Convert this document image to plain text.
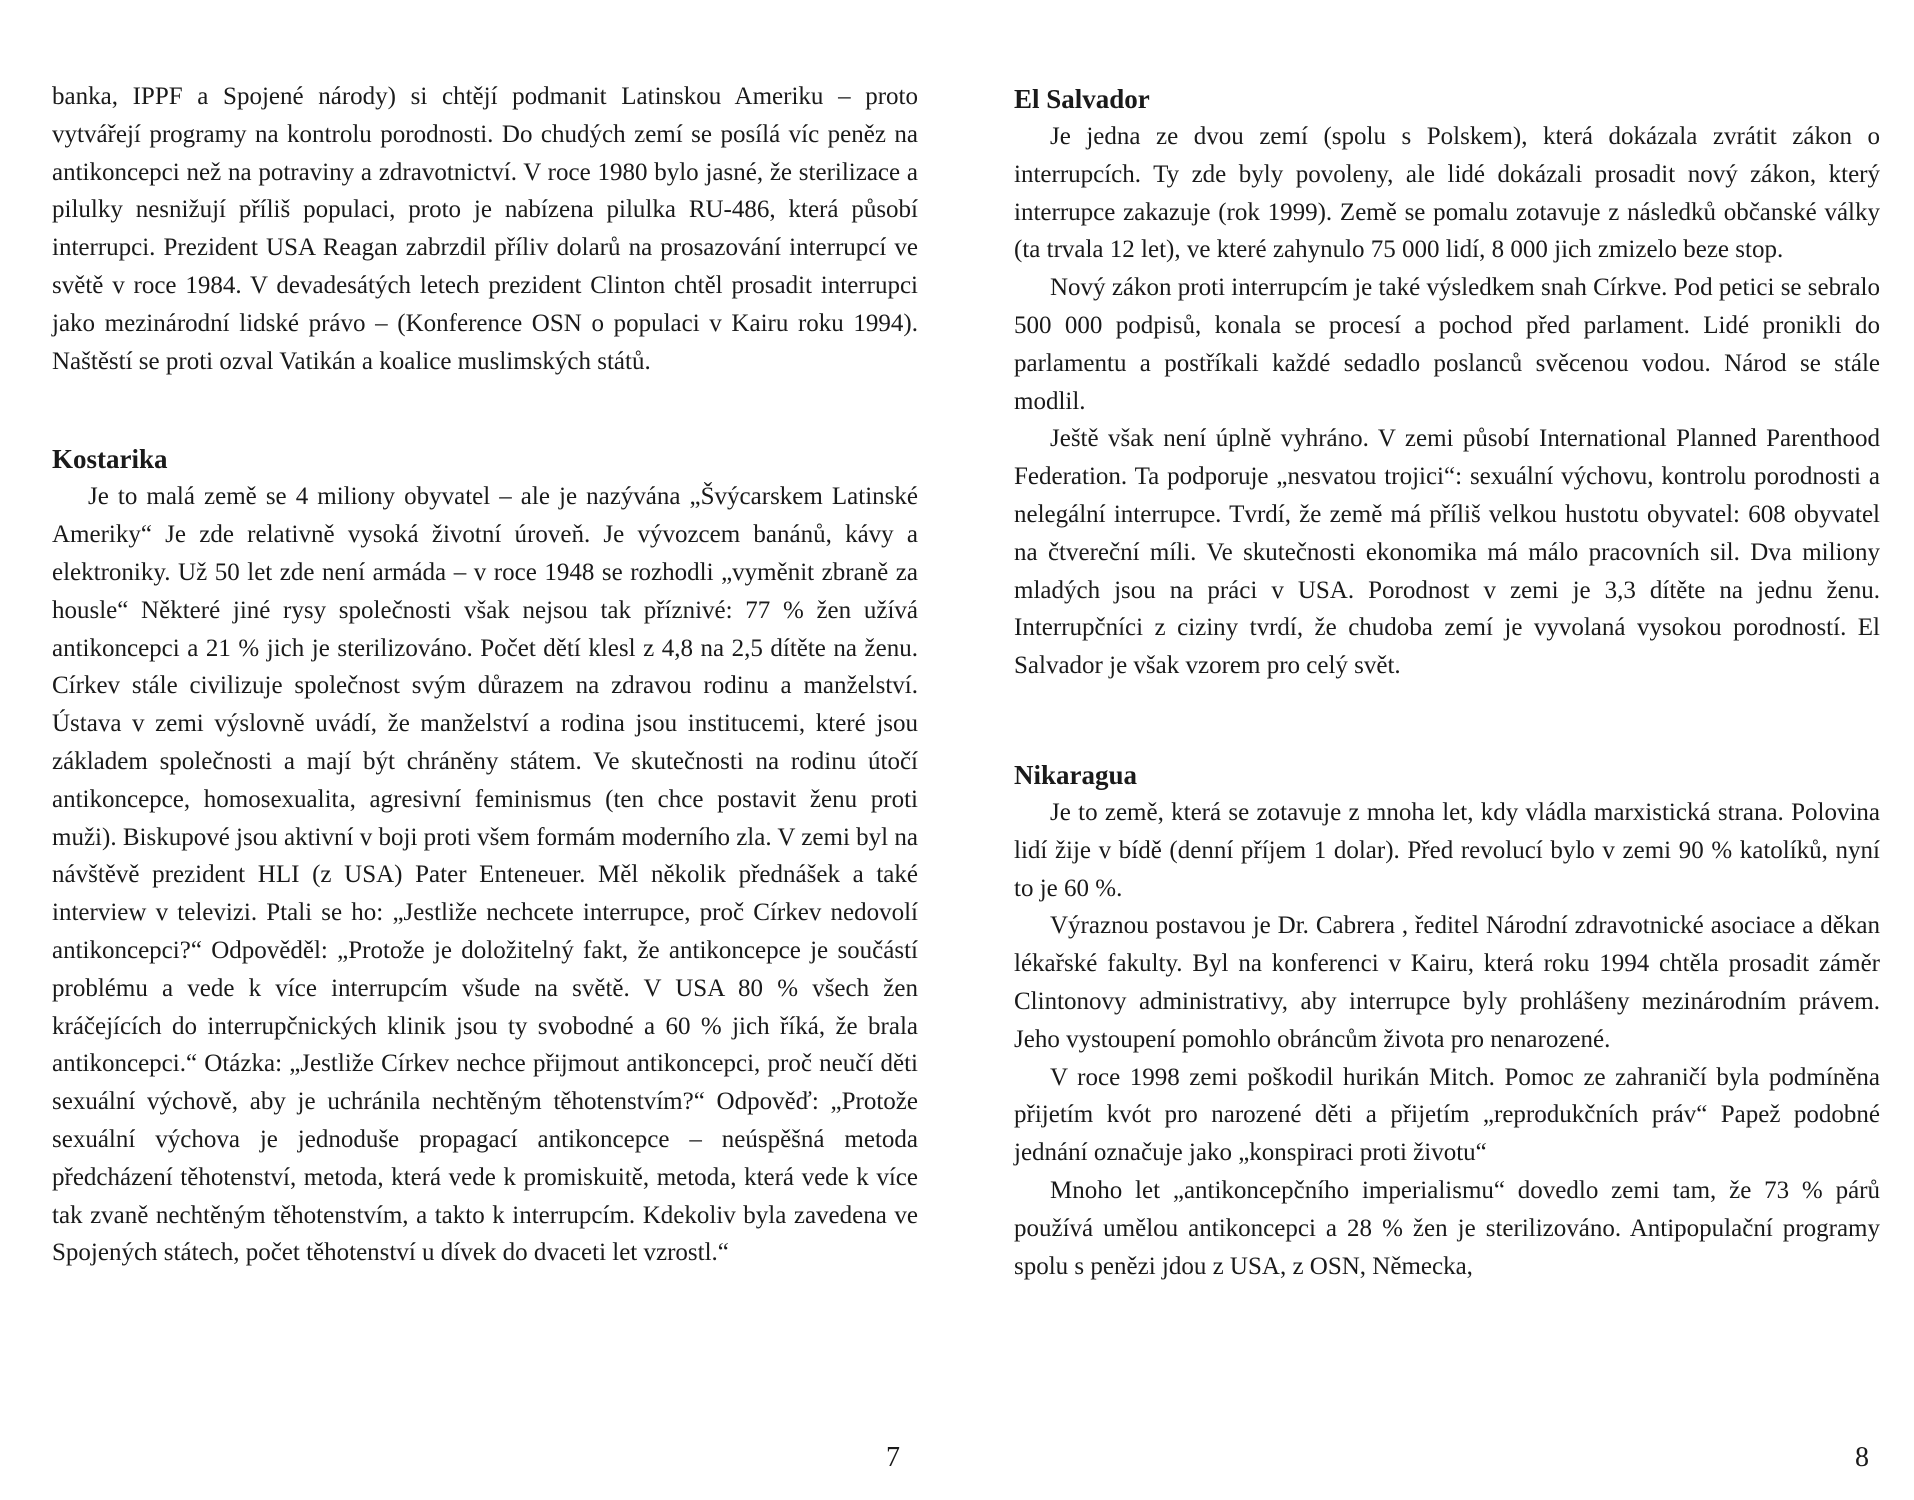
banka, IPPF a Spojené národy) si chtějí podmanit Latinskou Ameriku – proto vytvářejí programy na kontrolu porodnosti. Do chudých zemí se posílá víc peněz na antikoncepci než na potraviny a zdravotnictví. V roce 1980 bylo jasné, že sterilizace a pilulky nesnižují příliš populaci, proto je nabízena pilulka RU-486, která působí interrupci. Prezident USA Reagan zabrzdil příliv dolarů na prosazování interrupcí ve světě v roce 1984. V devadesátých letech prezident Clinton chtěl prosadit interrupci jako mezinárodní lidské právo – (Konference OSN o populaci v Kairu roku 1994). Naštěstí se proti ozval Vatikán a koalice muslimských států.

Kostarika

Je to malá země se 4 miliony obyvatel – ale je nazývána „Švýcarskem Latinské Ameriky“ Je zde relativně vysoká životní úroveň. Je vývozcem banánů, kávy a elektroniky. Už 50 let zde není armáda – v roce 1948 se rozhodli „vyměnit zbraně za housle“ Některé jiné rysy společnosti však nejsou tak příznivé: 77 % žen užívá antikoncepci a 21 % jich je sterilizováno. Počet dětí klesl z 4,8 na 2,5 dítěte na ženu. Církev stále civilizuje společnost svým důrazem na zdravou rodinu a manželství. Ústava v zemi výslovně uvádí, že manželství a rodina jsou institucemi, které jsou základem společnosti a mají být chráněny státem. Ve skutečnosti na rodinu útočí antikoncepce, homosexualita, agresivní feminismus (ten chce postavit ženu proti muži). Biskupové jsou aktivní v boji proti všem formám moderního zla. V zemi byl na návštěvě prezident HLI (z USA) Pater Enteneuer. Měl několik přednášek a také interview v televizi. Ptali se ho: „Jestliže nechcete interrupce, proč Církev nedovolí antikoncepci?“ Odpověděl: „Protože je doložitelný fakt, že antikoncepce je součástí problému a vede k více interrupcím všude na světě. V USA 80 % všech žen kráčejících do interrupčnických klinik jsou ty svobodné a 60 % jich říká, že brala antikoncepci.“ Otázka: „Jestliže Církev nechce přijmout antikoncepci, proč neučí děti sexuální výchově, aby je uchránila nechtěným těhotenstvím?“ Odpověď: „Protože sexuální výchova je jednoduše propagací antikoncepce – neúspěšná metoda předcházení těhotenství, metoda, která vede k promiskuitě, metoda, která vede k více tak zvaně nechtěným těhotenstvím, a takto k interrupcím. Kdekoliv byla zavedena ve Spojených státech, počet těhotenství u dívek do dvaceti let vzrostl.“

7
El Salvador

Je jedna ze dvou zemí (spolu s Polskem), která dokázala zvrátit zákon o interrupcích. Ty zde byly povoleny, ale lidé dokázali prosadit nový zákon, který interrupce zakazuje (rok 1999). Země se pomalu zotavuje z následků občanské války (ta trvala 12 let), ve které zahynulo 75 000 lidí, 8 000 jich zmizelo beze stop.

Nový zákon proti interrupcím je také výsledkem snah Církve. Pod petici se sebralo 500 000 podpisů, konala se procesí a pochod před parlament. Lidé pronikli do parlamentu a postříkali každé sedadlo poslanců svěcenou vodou. Národ se stále modlil.

Ještě však není úplně vyhráno. V zemi působí International Planned Parenthood Federation. Ta podporuje „nesvatou trojici“: sexuální výchovu, kontrolu porodnosti a nelegální interrupce. Tvrdí, že země má příliš velkou hustotu obyvatel: 608 obyvatel na čtvereční míli. Ve skutečnosti ekonomika má málo pracovních sil. Dva miliony mladých jsou na práci v USA. Porodnost v zemi je 3,3 dítěte na jednu ženu. Interrupčníci z ciziny tvrdí, že chudoba zemí je vyvolaná vysokou porodností. El Salvador je však vzorem pro celý svět.

Nikaragua

Je to země, která se zotavuje z mnoha let, kdy vládla marxistická strana. Polovina lidí žije v bídě (denní příjem 1 dolar). Před revolucí bylo v zemi 90 % katolíků, nyní to je 60 %.

Výraznou postavou je Dr. Cabrera , ředitel Národní zdravotnické asociace a děkan lékařské fakulty. Byl na konferenci v Kairu, která roku 1994 chtěla prosadit záměr Clintonovy administrativy, aby interrupce byly prohlášeny mezinárodním právem. Jeho vystoupení pomohlo obráncům života pro nenarozené.

V roce 1998 zemi poškodil hurikán Mitch. Pomoc ze zahraničí byla podmíněna přijetím kvót pro narozené děti a přijetím „reprodukčních práv“ Papež podobné jednání označuje jako „konspiraci proti životu“

Mnoho let „antikoncepčního imperialismu“ dovedlo zemi tam, že 73 % párů používá umělou antikoncepci a 28 % žen je sterilizováno. Antipopulační programy spolu s penězi jdou z USA, z OSN, Německa,

8
